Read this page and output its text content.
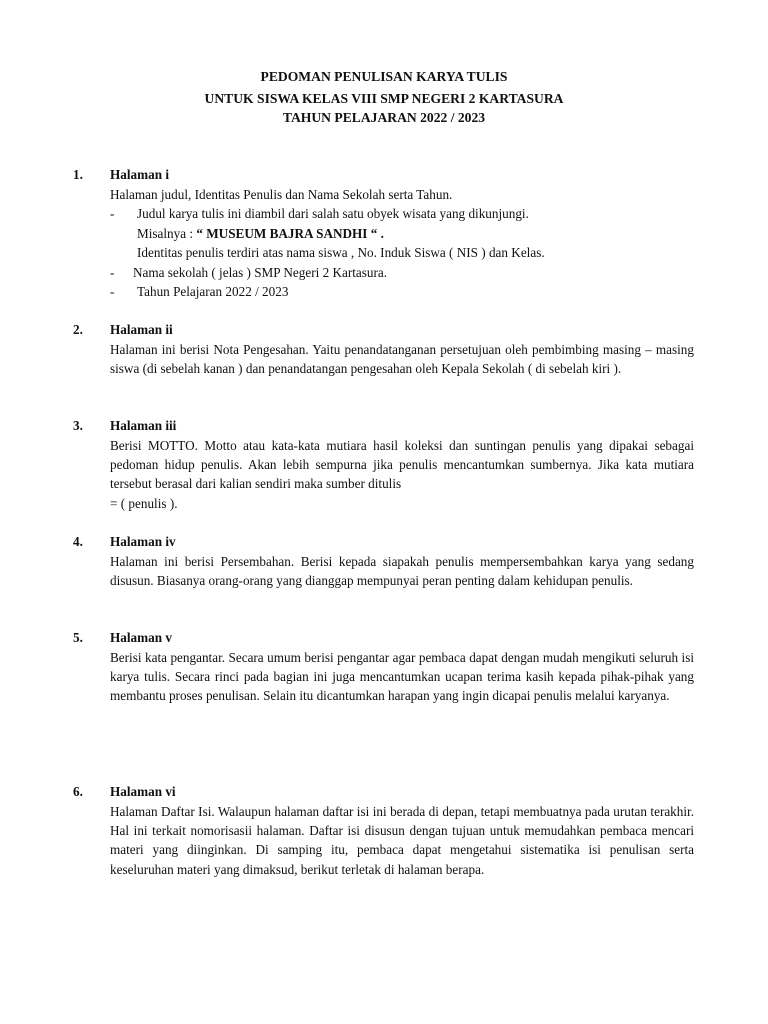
PEDOMAN PENULISAN KARYA TULIS
UNTUK SISWA KELAS VIII SMP NEGERI 2 KARTASURA
TAHUN PELAJARAN 2022 / 2023
1. Halaman i
Halaman judul, Identitas Penulis dan Nama Sekolah serta Tahun.
- Judul karya tulis ini diambil dari salah satu obyek wisata yang dikunjungi.
Misalnya : “ MUSEUM BAJRA SANDHI “ .
Identitas penulis terdiri atas nama siswa , No. Induk Siswa ( NIS ) dan Kelas.
- Nama sekolah ( jelas ) SMP Negeri 2 Kartasura.
- Tahun Pelajaran 2022 / 2023
2. Halaman ii

Halaman ini berisi Nota Pengesahan. Yaitu penandatanganan persetujuan oleh pembimbing masing – masing siswa (di sebelah kanan ) dan penandatangan pengesahan oleh Kepala Sekolah ( di sebelah kiri ).

3. Halaman iii

Berisi MOTTO. Motto atau kata-kata mutiara hasil koleksi dan suntingan penulis yang dipakai sebagai pedoman hidup penulis. Akan lebih sempurna jika penulis mencantumkan sumbernya. Jika kata mutiara tersebut berasal dari kalian sendiri maka sumber ditulis

= ( penulis ).
4. Halaman iv

Halaman ini berisi Persembahan. Berisi kepada siapakah penulis mempersembahkan karya yang sedang disusun. Biasanya orang-orang yang dianggap mempunyai peran penting dalam kehidupan penulis.

5. Halaman v

Berisi kata pengantar. Secara umum berisi pengantar agar pembaca dapat dengan mudah mengikuti seluruh isi karya tulis. Secara rinci pada bagian ini juga mencantumkan ucapan terima kasih kepada pihak-pihak yang membantu proses penulisan. Selain itu dicantumkan harapan yang ingin dicapai penulis melalui karyanya.

6. Halaman vi

Halaman Daftar Isi. Walaupun halaman daftar isi ini berada di depan, tetapi membuatnya pada urutan terakhir. Hal ini terkait nomorisasii halaman. Daftar isi disusun dengan tujuan untuk memudahkan pembaca mencari materi yang diinginkan. Di samping itu, pembaca dapat mengetahui sistematika isi penulisan serta keseluruhan materi yang dimaksud, berikut terletak di halaman berapa.
